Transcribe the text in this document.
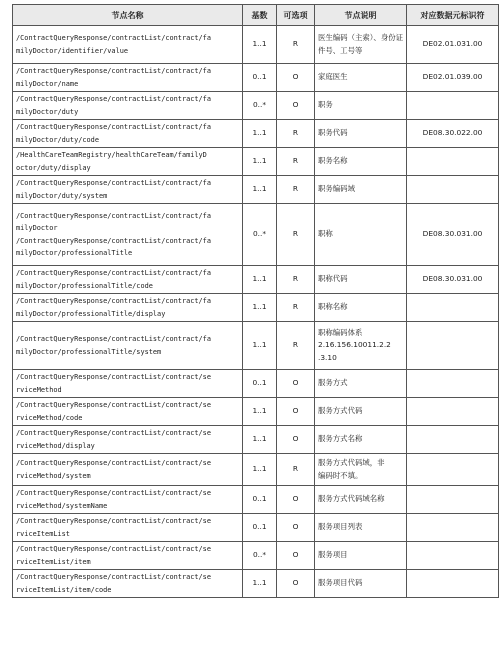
节点名称	基数	可选项	节点说明	对应数据元标识符
/ContractQueryResponse/contractList/contract/fa
milyDoctor/identifier/value	1..1	R	医生编码（主索）、身份证件号、工号等	DE02.01.031.00
/ContractQueryResponse/contractList/contract/fa
milyDoctor/name	0..1	O	家庭医生	DE02.01.039.00
/ContractQueryResponse/contractList/contract/fa
milyDoctor/duty	0..*	O	职务	
/ContractQueryResponse/contractList/contract/fa
milyDoctor/duty/code	1..1	R	职务代码	DE08.30.022.00
/HealthCareTeamRegistry/healthCareTeam/familyD
octor/duty/display	1..1	R	职务名称	
/ContractQueryResponse/contractList/contract/fa
milyDoctor/duty/system	1..1	R	职务编码域	
/ContractQueryResponse/contractList/contract/fa
milyDoctor
/ContractQueryResponse/contractList/contract/fa
milyDoctor/professionalTitle	0..*	R	职称	DE08.30.031.00
/ContractQueryResponse/contractList/contract/fa
milyDoctor/professionalTitle/code	1..1	R	职称代码	DE08.30.031.00
/ContractQueryResponse/contractList/contract/fa
milyDoctor/professionalTitle/display	1..1	R	职称名称	
/ContractQueryResponse/contractList/contract/fa
milyDoctor/professionalTitle/system	1..1	R	职称编码体系
2.16.156.10011.2.2
.3.10	
/ContractQueryResponse/contractList/contract/se
rviceMethod	0..1	O	服务方式	
/ContractQueryResponse/contractList/contract/se
rviceMethod/code	1..1	O	服务方式代码	
/ContractQueryResponse/contractList/contract/se
rviceMethod/display	1..1	O	服务方式名称	
/ContractQueryResponse/contractList/contract/se
rviceMethod/system	1..1	R	服务方式代码域，非
编码时不填。	
/ContractQueryResponse/contractList/contract/se
rviceMethod/systemName	0..1	O	服务方式代码域名称	
/ContractQueryResponse/contractList/contract/se
rviceItemList	0..1	O	服务项目列表	
/ContractQueryResponse/contractList/contract/se
rviceItemList/item	0..*	O	服务项目	
/ContractQueryResponse/contractList/contract/se
rviceItemList/item/code	1..1	O	服务项目代码	
